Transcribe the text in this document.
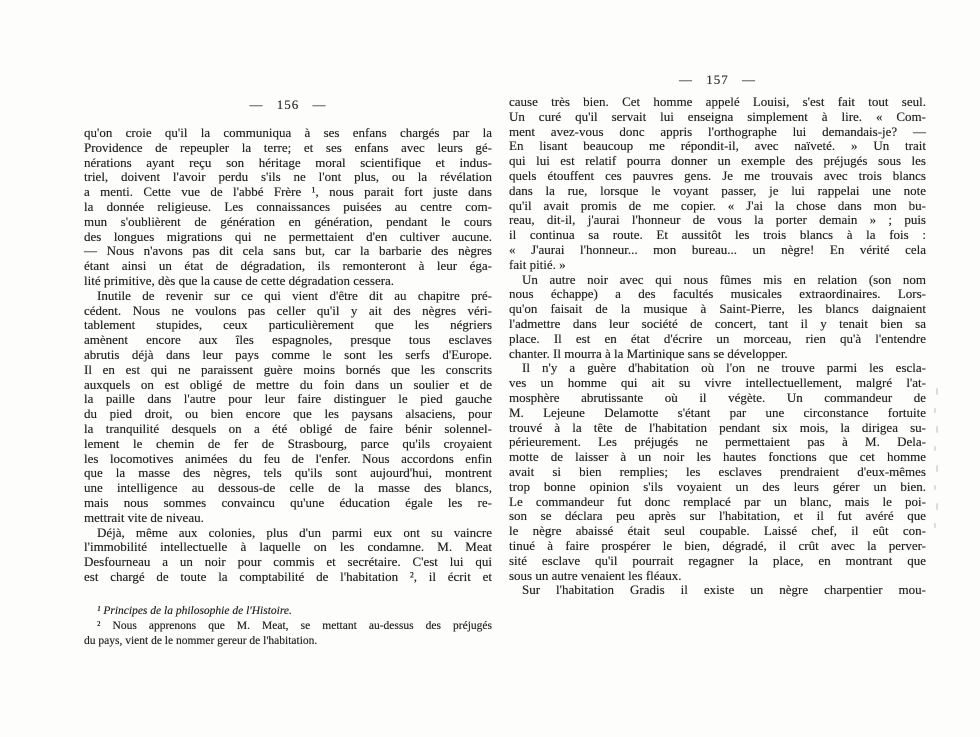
— 156 —
qu'on croie qu'il la communiqua à ses enfans chargés par la
Providence de repeupler la terre; et ses enfans avec leurs gé-
nérations ayant reçu son héritage moral scientifique et indus-
triel, doivent l'avoir perdu s'ils ne l'ont plus, ou la révélation
a menti. Cette vue de l'abbé Frère ¹, nous parait fort juste dans
la donnée religieuse. Les connaissances puisées au centre com-
mun s'oublièrent de génération en génération, pendant le cours
des longues migrations qui ne permettaient d'en cultiver aucune.
— Nous n'avons pas dit cela sans but, car la barbarie des nègres
étant ainsi un état de dégradation, ils remonteront à leur éga-
lité primitive, dès que la cause de cette dégradation cessera.
Inutile de revenir sur ce qui vient d'être dit au chapitre pré-
cédent. Nous ne voulons pas celler qu'il y ait des nègres véri-
tablement stupides, ceux particulièrement que les négriers
amènent encore aux îles espagnoles, presque tous esclaves
abrutis déjà dans leur pays comme le sont les serfs d'Europe.
Il en est qui ne paraissent guère moins bornés que les conscrits
auxquels on est obligé de mettre du foin dans un soulier et de
la paille dans l'autre pour leur faire distinguer le pied gauche
du pied droit, ou bien encore que les paysans alsaciens, pour
la tranquilité desquels on a été obligé de faire bénir solennel-
lement le chemin de fer de Strasbourg, parce qu'ils croyaient
les locomotives animées du feu de l'enfer. Nous accordons enfin
que la masse des nègres, tels qu'ils sont aujourd'hui, montrent
une intelligence au dessous-de celle de la masse des blancs,
mais nous sommes convaincu qu'une éducation égale les re-
mettrait vite de niveau.
Déjà, même aux colonies, plus d'un parmi eux ont su vaincre
l'immobilité intellectuelle à laquelle on les condamne. M. Meat
Desfourneau a un noir pour commis et secrétaire. C'est lui qui
est chargé de toute la comptabilité de l'habitation ², il écrit et
¹ Principes de la philosophie de l'Histoire.
² Nous apprenons que M. Meat, se mettant au-dessus des préjugés
du pays, vient de le nommer gereur de l'habitation.
— 157 —
cause très bien. Cet homme appelé Louisi, s'est fait tout seul.
Un curé qu'il servait lui enseigna simplement à lire. « Com-
ment avez-vous donc appris l'orthographe lui demandais-je? —
En lisant beaucoup me répondit-il, avec naïveté. » Un trait
qui lui est relatif pourra donner un exemple des préjugés sous les
quels étouffent ces pauvres gens. Je me trouvais avec trois blancs
dans la rue, lorsque le voyant passer, je lui rappelai une note
qu'il avait promis de me copier. « J'ai la chose dans mon bu-
reau, dit-il, j'aurai l'honneur de vous la porter demain » ; puis
il continua sa route. Et aussitôt les trois blancs à la fois :
« J'aurai l'honneur... mon bureau... un nègre! En vérité cela
fait pitié. »
Un autre noir avec qui nous fûmes mis en relation (son nom
nous échappe) a des facultés musicales extraordinaires. Lors-
qu'on faisait de la musique à Saint-Pierre, les blancs daignaient
l'admettre dans leur société de concert, tant il y tenait bien sa
place. Il est en état d'écrire un morceau, rien qu'à l'entendre
chanter. Il mourra à la Martinique sans se développer.
Il n'y a guère d'habitation où l'on ne trouve parmi les escla-
ves un homme qui ait su vivre intellectuellement, malgré l'at-
mosphère abrutissante où il végète. Un commandeur de
M. Lejeune Delamotte s'étant par une circonstance fortuite
trouvé à la tête de l'habitation pendant six mois, la dirigea su-
périeurement. Les préjugés ne permettaient pas à M. Dela-
motte de laisser à un noir les hautes fonctions que cet homme
avait si bien remplies; les esclaves prendraient d'eux-mêmes
trop bonne opinion s'ils voyaient un des leurs gérer un bien.
Le commandeur fut donc remplacé par un blanc, mais le poi-
son se déclara peu après sur l'habitation, et il fut avéré que
le nègre abaissé était seul coupable. Laissé chef, il eût con-
tinué à faire prospérer le bien, dégradé, il crût avec la perver-
sité esclave qu'il pourrait regagner la place, en montrant que
sous un autre venaient les fléaux.
Sur l'habitation Gradis il existe un nègre charpentier mou-
